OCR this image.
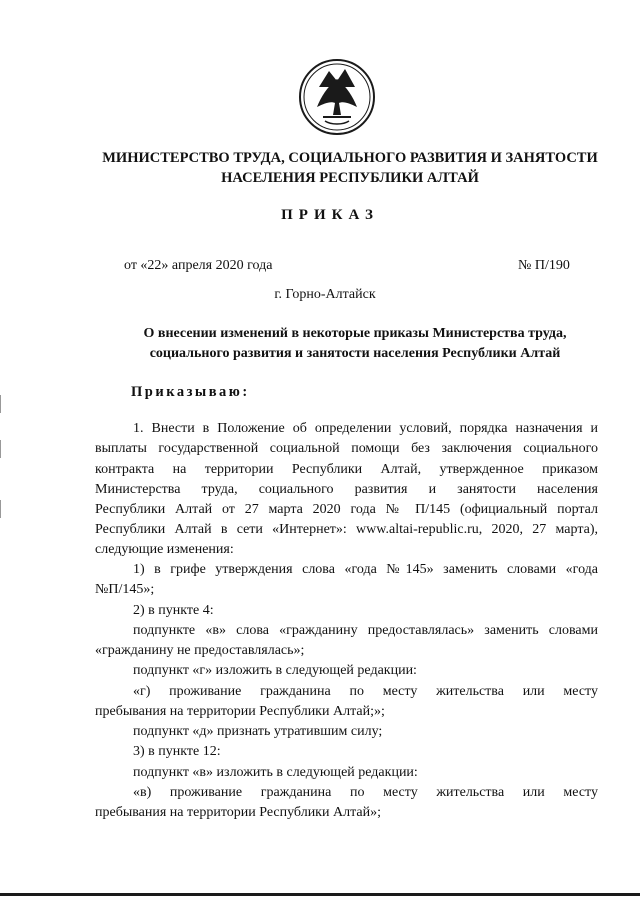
МИНИСТЕРСТВО ТРУДА, СОЦИАЛЬНОГО РАЗВИТИЯ И ЗАНЯТОСТИ
НАСЕЛЕНИЯ РЕСПУБЛИКИ АЛТАЙ
ПРИКАЗ
от «22» апреля 2020 года	№ П/190
г. Горно-Алтайск
О внесении изменений в некоторые приказы Министерства труда,
социального развития и занятости населения Республики Алтай
Приказываю:
1. Внести в Положение об определении условий, порядка назначения и
выплаты государственной социальной помощи без заключения социального
контракта на территории Республики Алтай, утвержденное приказом
Министерства труда, социального развития и занятости населения
Республики Алтай от 27 марта 2020 года № П/145 (официальный портал
Республики Алтай в сети «Интернет»: www.altai-republic.ru, 2020, 27 марта),
следующие изменения:
1) в грифе утверждения слова «года №145» заменить словами «года
№П/145»;
2) в пункте 4:
подпункте «в» слова «гражданину предоставлялась» заменить словами
«гражданину не предоставлялась»;
подпункт «г» изложить в следующей редакции:
«г) проживание гражданина по месту жительства или месту
пребывания на территории Республики Алтай;»;
подпункт «д» признать утратившим силу;
3) в пункте 12:
подпункт «в» изложить в следующей редакции:
«в) проживание гражданина по месту жительства или месту
пребывания на территории Республики Алтай»;
